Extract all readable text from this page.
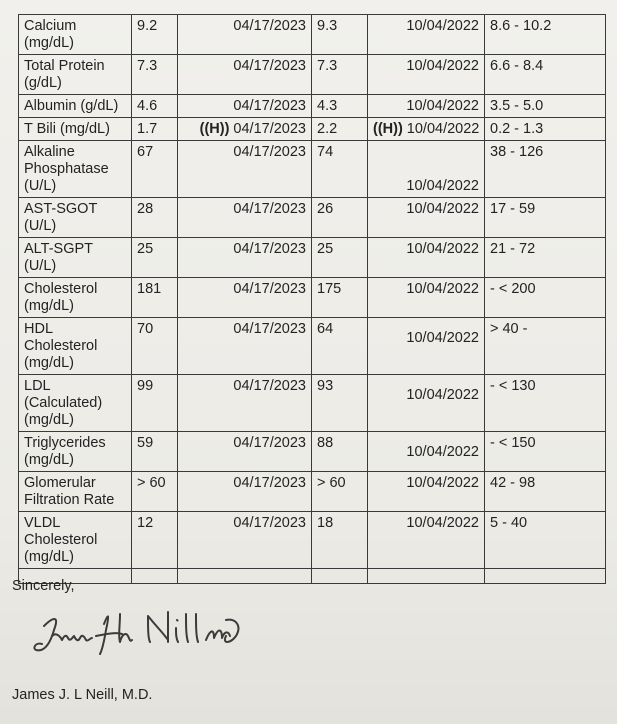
Calcium (mg/dL)	9.2	04/17/2023	9.3	10/04/2022	8.6 - 10.2
Total Protein (g/dL)	7.3	04/17/2023	7.3	10/04/2022	6.6 - 8.4
Albumin (g/dL)	4.6	04/17/2023	4.3	10/04/2022	3.5 - 5.0
T Bili (mg/dL)	1.7	((H)) 04/17/2023	2.2	((H)) 10/04/2022	0.2 - 1.3
Alkaline Phosphatase (U/L)	67	04/17/2023	74	10/04/2022	38 - 126
AST-SGOT (U/L)	28	04/17/2023	26	10/04/2022	17 - 59
ALT-SGPT (U/L)	25	04/17/2023	25	10/04/2022	21 - 72
Cholesterol (mg/dL)	181	04/17/2023	175	10/04/2022	- < 200
HDL Cholesterol (mg/dL)	70	04/17/2023	64	10/04/2022	> 40 -
LDL (Calculated) (mg/dL)	99	04/17/2023	93	10/04/2022	- < 130
Triglycerides (mg/dL)	59	04/17/2023	88	10/04/2022	- < 150
Glomerular Filtration Rate	> 60	04/17/2023	> 60	10/04/2022	42 - 98
VLDL Cholesterol (mg/dL)	12	04/17/2023	18	10/04/2022	5 - 40

Sincerely,
James J. L Neill, M.D.
